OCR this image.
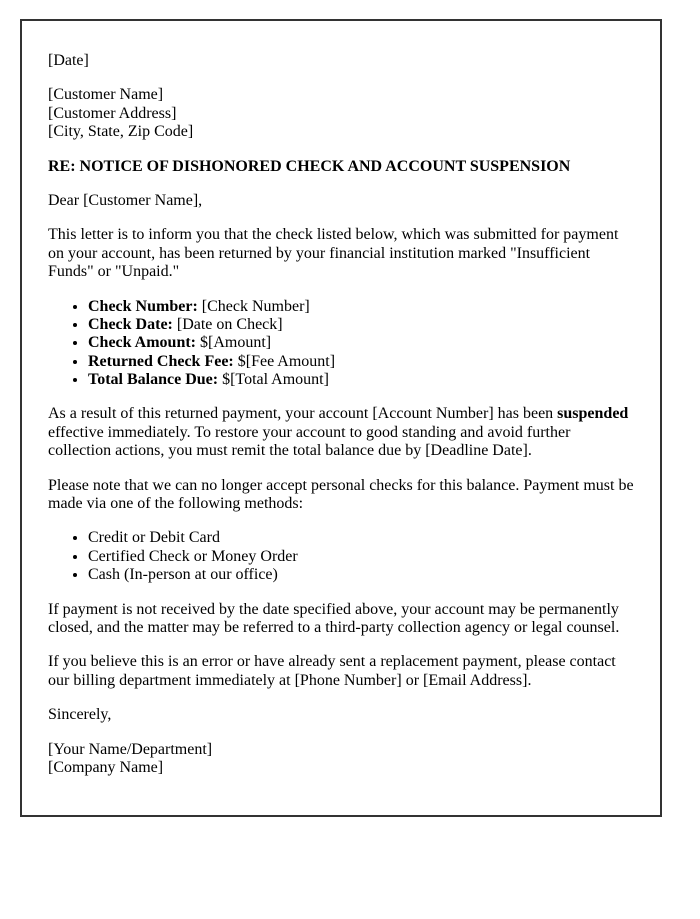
[Date]

[Customer Name]
[Customer Address]
[City, State, Zip Code]

RE: NOTICE OF DISHONORED CHECK AND ACCOUNT SUSPENSION

Dear [Customer Name],

This letter is to inform you that the check listed below, which was submitted for payment on your account, has been returned by your financial institution marked "Insufficient Funds" or "Unpaid."

• Check Number: [Check Number]
• Check Date: [Date on Check]
• Check Amount: $[Amount]
• Returned Check Fee: $[Fee Amount]
• Total Balance Due: $[Total Amount]

As a result of this returned payment, your account [Account Number] has been suspended effective immediately. To restore your account to good standing and avoid further collection actions, you must remit the total balance due by [Deadline Date].

Please note that we can no longer accept personal checks for this balance. Payment must be made via one of the following methods:

• Credit or Debit Card
• Certified Check or Money Order
• Cash (In-person at our office)

If payment is not received by the date specified above, your account may be permanently closed, and the matter may be referred to a third-party collection agency or legal counsel.

If you believe this is an error or have already sent a replacement payment, please contact our billing department immediately at [Phone Number] or [Email Address].

Sincerely,

[Your Name/Department]
[Company Name]
